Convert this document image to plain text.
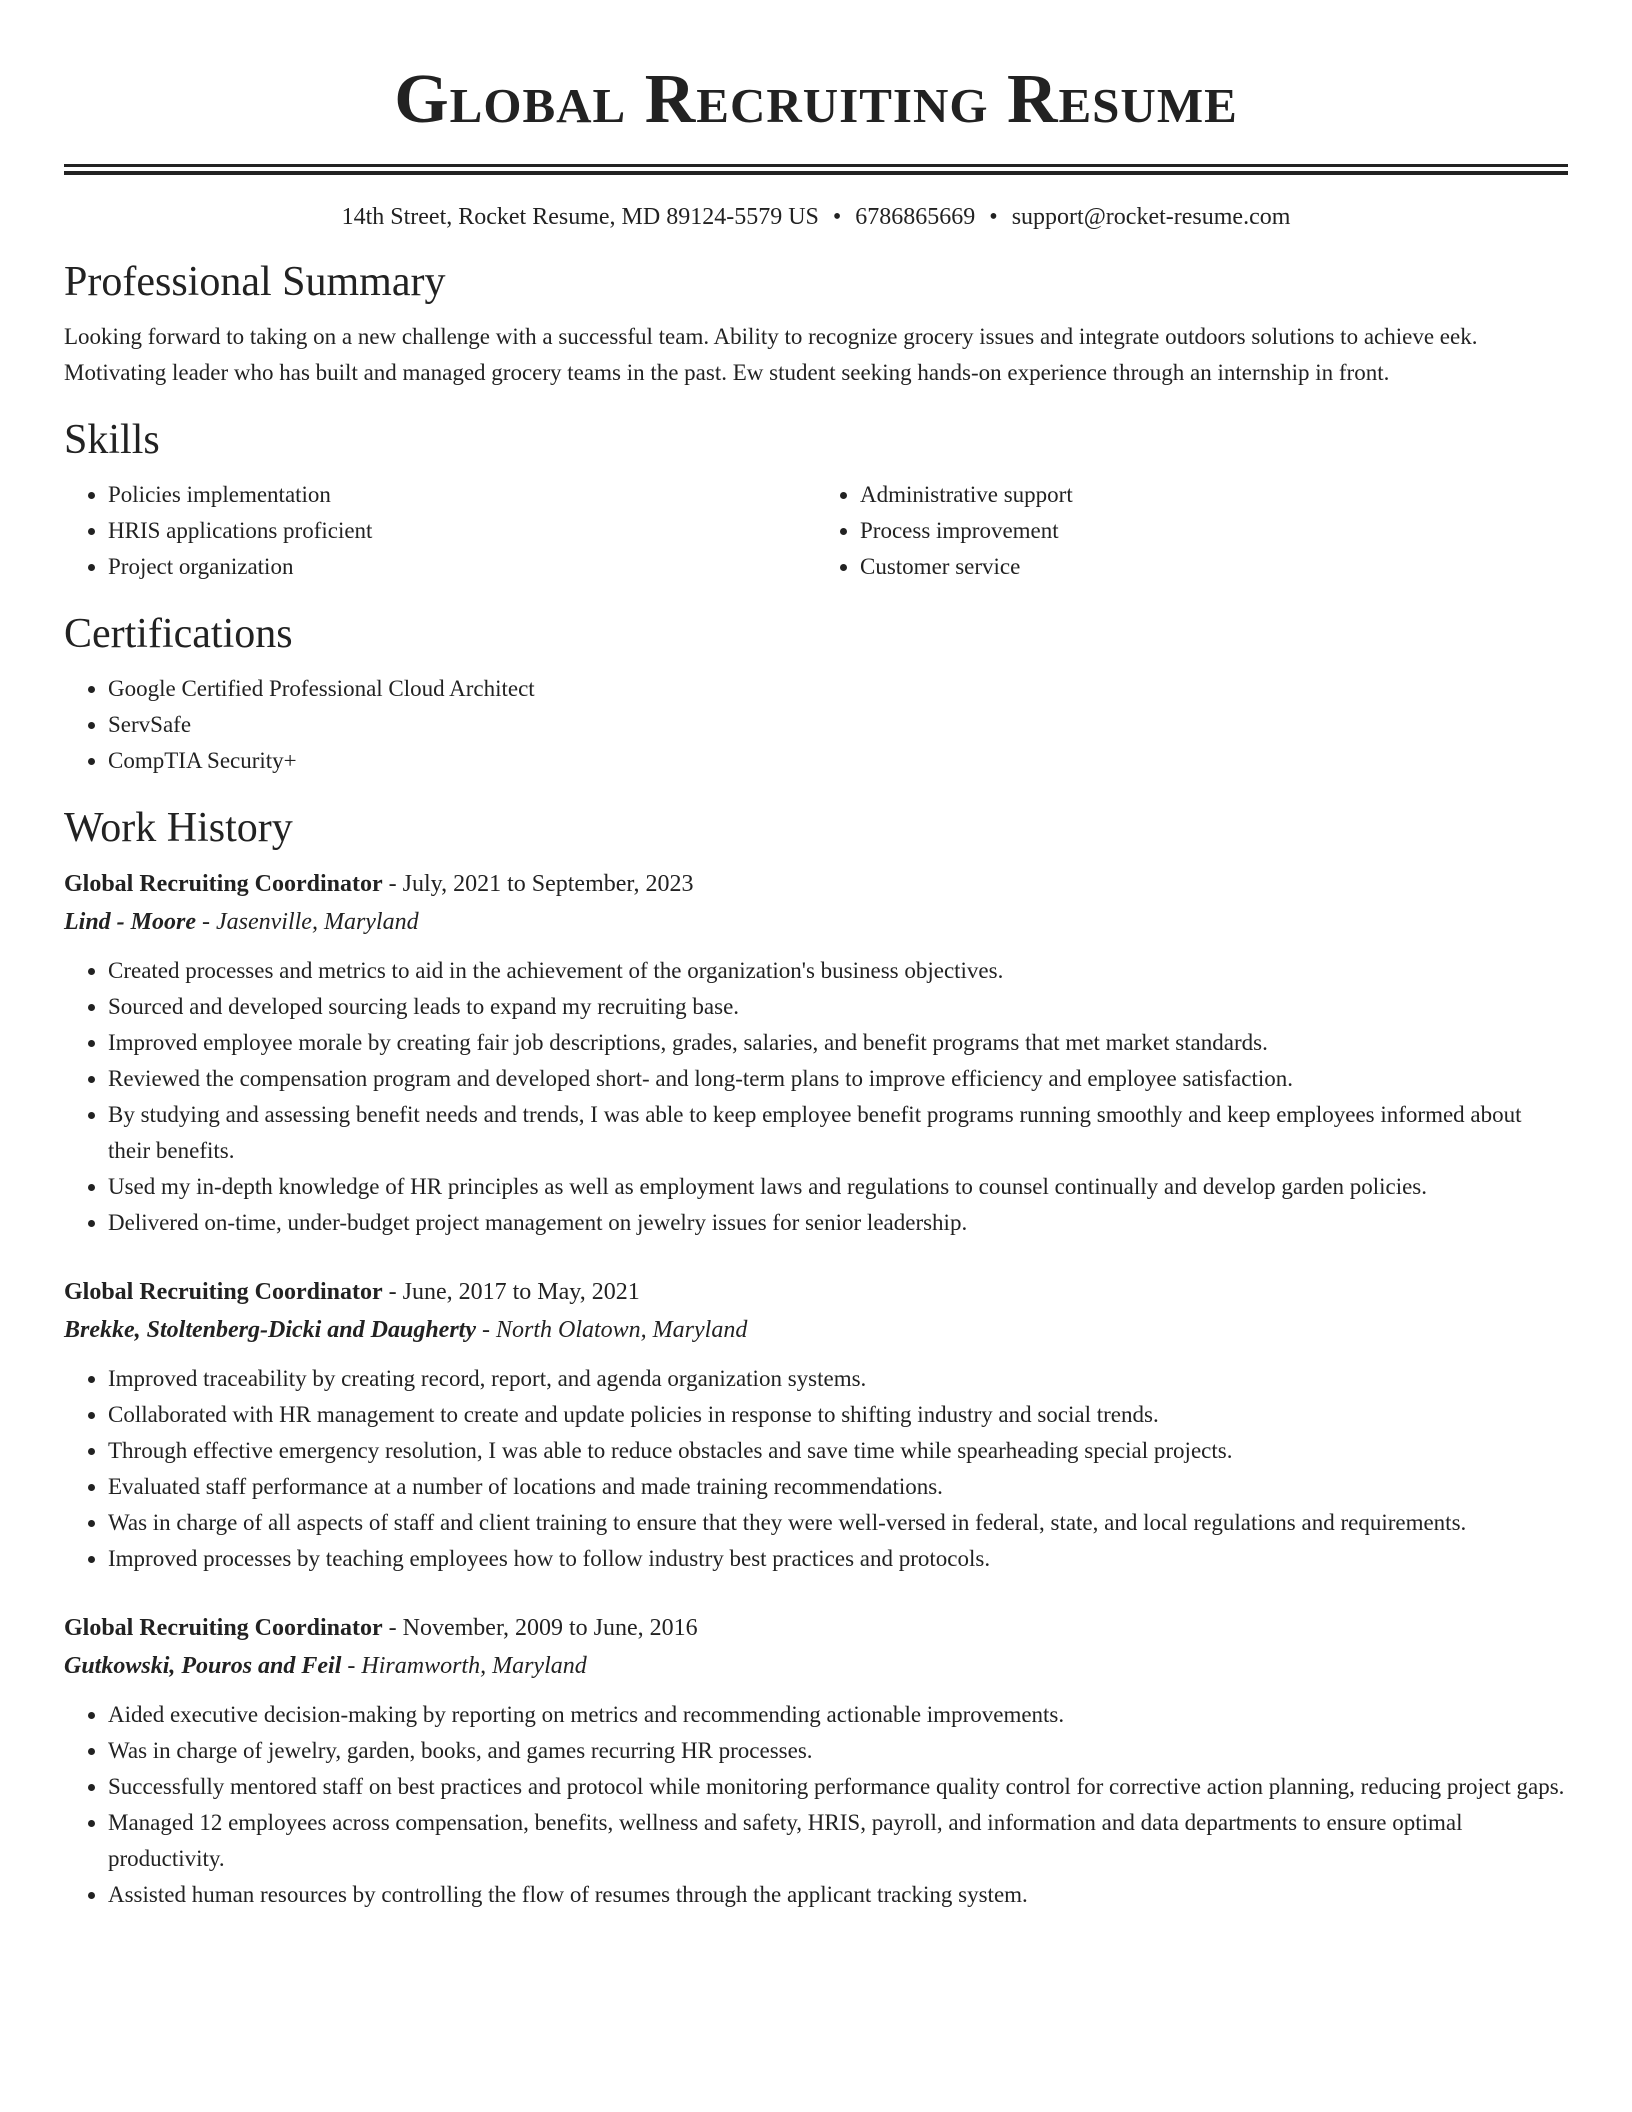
Global Recruiting Resume
14th Street, Rocket Resume, MD 89124-5579 US • 6786865669 • support@rocket-resume.com
Professional Summary

Looking forward to taking on a new challenge with a successful team. Ability to recognize grocery issues and integrate outdoors solutions to achieve eek. Motivating leader who has built and managed grocery teams in the past. Ew student seeking hands-on experience through an internship in front.

Skills
• Policies implementation
• HRIS applications proficient
• Project organization
• Administrative support
• Process improvement
• Customer service
Certifications
• Google Certified Professional Cloud Architect
• ServSafe
• CompTIA Security+
Work History
Global Recruiting Coordinator - July, 2021 to September, 2023
Lind - Moore - Jasenville, Maryland
• Created processes and metrics to aid in the achievement of the organization's business objectives.
• Sourced and developed sourcing leads to expand my recruiting base.
• Improved employee morale by creating fair job descriptions, grades, salaries, and benefit programs that met market standards.
• Reviewed the compensation program and developed short- and long-term plans to improve efficiency and employee satisfaction.
• By studying and assessing benefit needs and trends, I was able to keep employee benefit programs running smoothly and keep employees informed about their benefits.
• Used my in-depth knowledge of HR principles as well as employment laws and regulations to counsel continually and develop garden policies.
• Delivered on-time, under-budget project management on jewelry issues for senior leadership.
Global Recruiting Coordinator - June, 2017 to May, 2021
Brekke, Stoltenberg-Dicki and Daugherty - North Olatown, Maryland
• Improved traceability by creating record, report, and agenda organization systems.
• Collaborated with HR management to create and update policies in response to shifting industry and social trends.
• Through effective emergency resolution, I was able to reduce obstacles and save time while spearheading special projects.
• Evaluated staff performance at a number of locations and made training recommendations.
• Was in charge of all aspects of staff and client training to ensure that they were well-versed in federal, state, and local regulations and requirements.
• Improved processes by teaching employees how to follow industry best practices and protocols.
Global Recruiting Coordinator - November, 2009 to June, 2016
Gutkowski, Pouros and Feil - Hiramworth, Maryland
• Aided executive decision-making by reporting on metrics and recommending actionable improvements.
• Was in charge of jewelry, garden, books, and games recurring HR processes.
• Successfully mentored staff on best practices and protocol while monitoring performance quality control for corrective action planning, reducing project gaps.
• Managed 12 employees across compensation, benefits, wellness and safety, HRIS, payroll, and information and data departments to ensure optimal productivity.
• Assisted human resources by controlling the flow of resumes through the applicant tracking system.
